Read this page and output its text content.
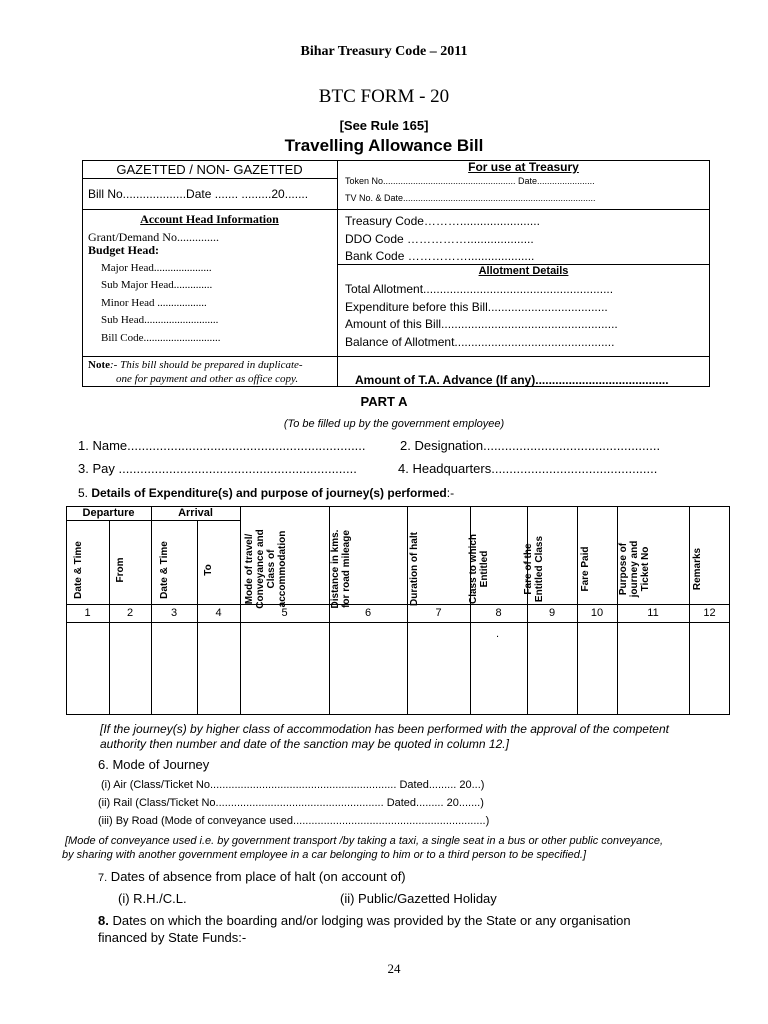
Bihar Treasury Code – 2011
BTC FORM - 20
[See Rule 165]
Travelling Allowance Bill
GAZETTED / NON- GAZETTED
Bill No...................Date ....... .........20.......
For use at Treasury
Token No..................................................... Date.......................
TV No. & Date.............................................................................
Account Head Information
Grant/Demand No..............
Budget Head:
Major Head.....................
Sub Major Head..............
Minor Head ..................
Sub Head...........................
Bill Code............................
Treasury Code………........................
DDO Code ……………....................
Bank Code ……………....................
Allotment Details
Total Allotment.........................................................
Expenditure before this Bill....................................
Amount of this Bill.....................................................
Balance of Allotment................................................
Note:- This bill should be prepared in duplicate-
one for payment and other as office copy.	Amount of T.A. Advance (If any)........................................
PART A
(To be filled up by the government employee)
1. Name..................................................................	2. Designation.................................................
3. Pay ..................................................................	4. Headquarters..............................................
5. Details of Expenditure(s) and purpose of journey(s) performed:-
Departure	Arrival
Date & Time	From	Date & Time	To	Mode of travel/ Conveyance and Class of accommodation	Distance in kms. for road mileage	Duration of halt	Class to which Entitled	Fare of the Entitled Class	Fare Paid	Purpose of journey and Ticket No	Remarks
1	2	3	4	5	6	7	8	9	10	11	12
.
[If the journey(s) by higher class of accommodation has been performed with the approval of the competent
authority then number and date of the sanction may be quoted in column 12.]
6. Mode of Journey
(i) Air (Class/Ticket No............................................................. Dated......... 20...)
(ii) Rail (Class/Ticket No....................................................... Dated......... 20.......)
(iii) By Road (Mode of conveyance used...............................................................)
[Mode of conveyance used i.e. by government transport /by taking a taxi, a single seat in a bus or other public conveyance,
by sharing with another government employee in a car belonging to him or to a third person to be specified.]
7. Dates of absence from place of halt (on account of)
(i) R.H./C.L.	(ii) Public/Gazetted Holiday
8. Dates on which the boarding and/or lodging was provided by the State or any organisation
financed by State Funds:-
24
